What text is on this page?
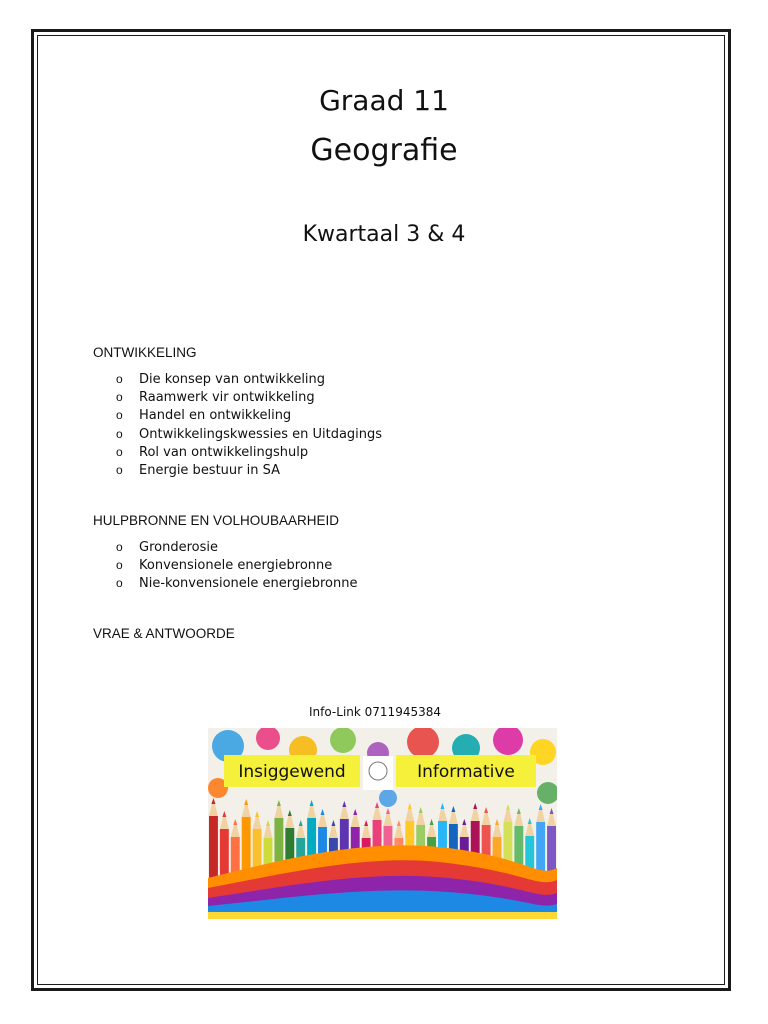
Graad 11
Geografie
Kwartaal 3 & 4
ONTWIKKELING
o Die konsep van ontwikkeling
o Raamwerk vir ontwikkeling
o Handel en ontwikkeling
o Ontwikkelingskwessies en Uitdagings
o Rol van ontwikkelingshulp
o Energie bestuur in SA
HULPBRONNE EN VOLHOUBAARHEID
o Gronderosie
o Konvensionele energiebronne
o Nie-konvensionele energiebronne
VRAE & ANTWOORDE
Info-Link 0711945384
Insiggewend	Informative
